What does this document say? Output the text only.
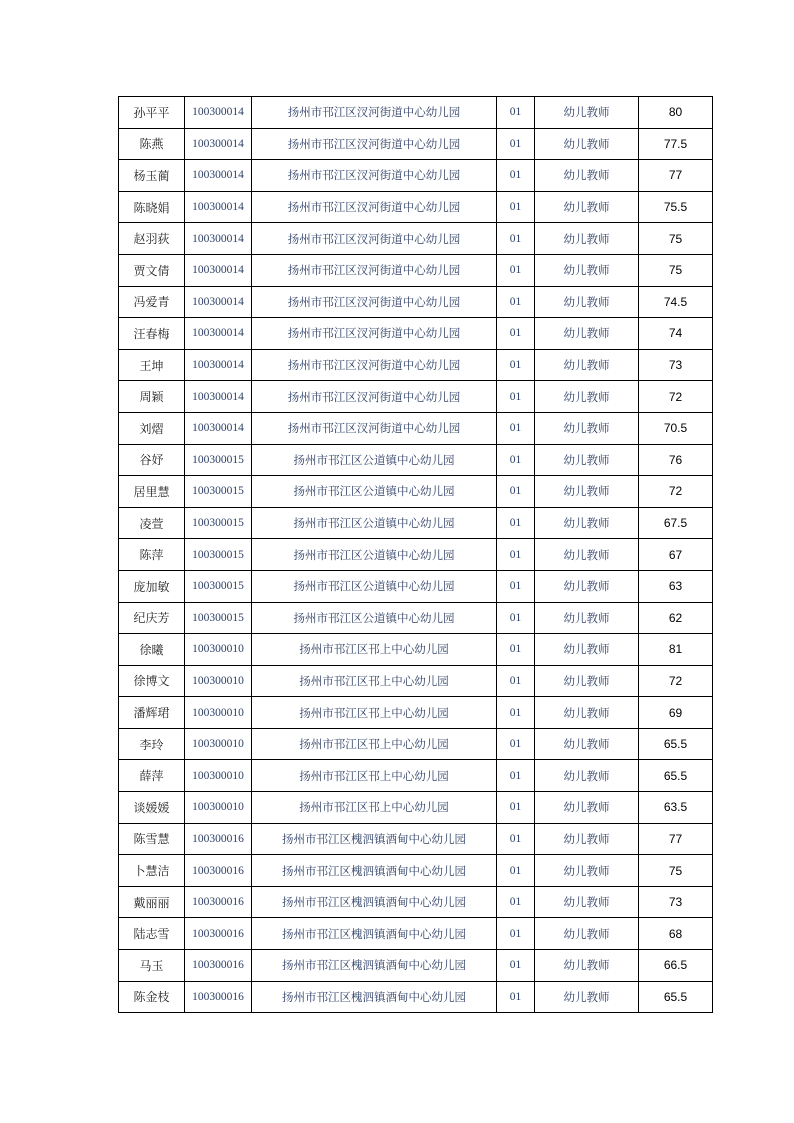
孙平平	100300014	扬州市邗江区汊河街道中心幼儿园	01	幼儿教师	80
陈燕	100300014	扬州市邗江区汊河街道中心幼儿园	01	幼儿教师	77.5
杨玉蔺	100300014	扬州市邗江区汊河街道中心幼儿园	01	幼儿教师	77
陈晓娟	100300014	扬州市邗江区汊河街道中心幼儿园	01	幼儿教师	75.5
赵羽荻	100300014	扬州市邗江区汊河街道中心幼儿园	01	幼儿教师	75
贾文倩	100300014	扬州市邗江区汊河街道中心幼儿园	01	幼儿教师	75
冯爱青	100300014	扬州市邗江区汊河街道中心幼儿园	01	幼儿教师	74.5
汪春梅	100300014	扬州市邗江区汊河街道中心幼儿园	01	幼儿教师	74
王坤	100300014	扬州市邗江区汊河街道中心幼儿园	01	幼儿教师	73
周颖	100300014	扬州市邗江区汊河街道中心幼儿园	01	幼儿教师	72
刘熠	100300014	扬州市邗江区汊河街道中心幼儿园	01	幼儿教师	70.5
谷妤	100300015	扬州市邗江区公道镇中心幼儿园	01	幼儿教师	76
居里慧	100300015	扬州市邗江区公道镇中心幼儿园	01	幼儿教师	72
凌萱	100300015	扬州市邗江区公道镇中心幼儿园	01	幼儿教师	67.5
陈萍	100300015	扬州市邗江区公道镇中心幼儿园	01	幼儿教师	67
庞加敏	100300015	扬州市邗江区公道镇中心幼儿园	01	幼儿教师	63
纪庆芳	100300015	扬州市邗江区公道镇中心幼儿园	01	幼儿教师	62
徐曦	100300010	扬州市邗江区邗上中心幼儿园	01	幼儿教师	81
徐博文	100300010	扬州市邗江区邗上中心幼儿园	01	幼儿教师	72
潘辉珺	100300010	扬州市邗江区邗上中心幼儿园	01	幼儿教师	69
李玲	100300010	扬州市邗江区邗上中心幼儿园	01	幼儿教师	65.5
薛萍	100300010	扬州市邗江区邗上中心幼儿园	01	幼儿教师	65.5
谈媛媛	100300010	扬州市邗江区邗上中心幼儿园	01	幼儿教师	63.5
陈雪慧	100300016	扬州市邗江区槐泗镇酒甸中心幼儿园	01	幼儿教师	77
卜慧洁	100300016	扬州市邗江区槐泗镇酒甸中心幼儿园	01	幼儿教师	75
戴丽丽	100300016	扬州市邗江区槐泗镇酒甸中心幼儿园	01	幼儿教师	73
陆志雪	100300016	扬州市邗江区槐泗镇酒甸中心幼儿园	01	幼儿教师	68
马玉	100300016	扬州市邗江区槐泗镇酒甸中心幼儿园	01	幼儿教师	66.5
陈金枝	100300016	扬州市邗江区槐泗镇酒甸中心幼儿园	01	幼儿教师	65.5
